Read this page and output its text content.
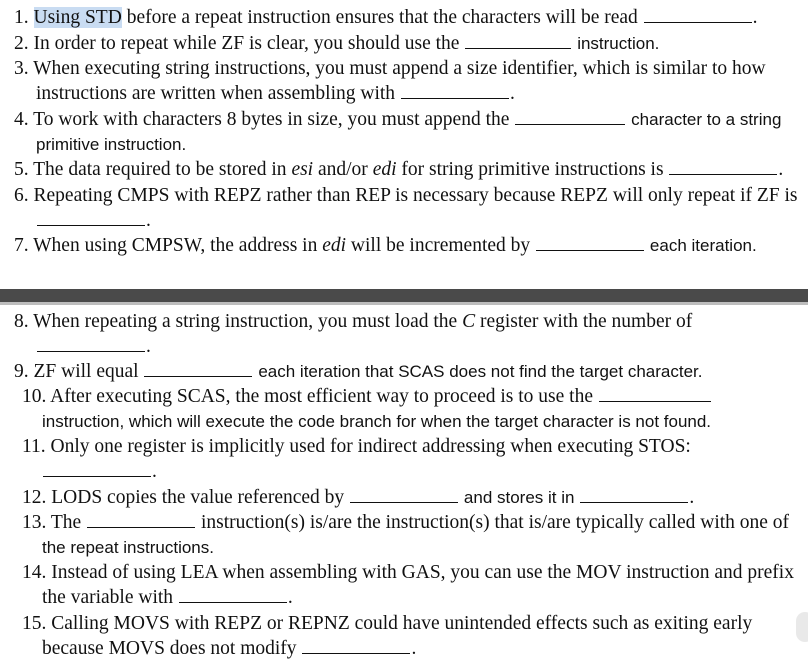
1. Using STD before a repeat instruction ensures that the characters will be read	.
2. In order to repeat while ZF is clear, you should use the	instruction.
3. When executing string instructions, you must append a size identifier, which is similar to how
instructions are written when assembling with	.
4. To work with characters 8 bytes in size, you must append the	character to a string
primitive instruction.
5. The data required to be stored in esi and/or edi for string primitive instructions is	.
6. Repeating CMPS with REPZ rather than REP is necessary because REPZ will only repeat if ZF is
.
7. When using CMPSW, the address in edi will be incremented by	each iteration.
8. When repeating a string instruction, you must load the C register with the number of
.
9. ZF will equal	each iteration that SCAS does not find the target character.
10. After executing SCAS, the most efficient way to proceed is to use the
instruction, which will execute the code branch for when the target character is not found.
11. Only one register is implicitly used for indirect addressing when executing STOS:
.
12. LODS copies the value referenced by	and stores it in	.
13. The	instruction(s) is/are the instruction(s) that is/are typically called with one of
the repeat instructions.
14. Instead of using LEA when assembling with GAS, you can use the MOV instruction and prefix
the variable with	.
15. Calling MOVS with REPZ or REPNZ could have unintended effects such as exiting early
because MOVS does not modify	.
